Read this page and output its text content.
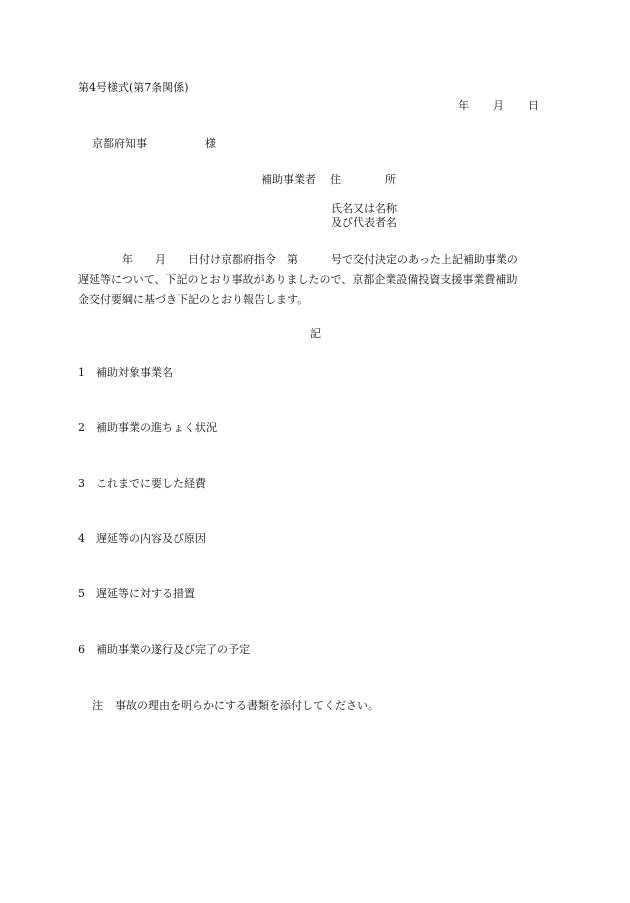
第4号様式(第7条関係)
年 月 日
京都府知事	様
補助事業者 住　　　　所
氏名又は名称
及び代表者名
　　　　年　　月　　日付け京都府指令　第　　　号で交付決定のあった上記補助事業の
遅延等について、下記のとおり事故がありましたので、京都企業設備投資支援事業費補助
金交付要綱に基づき下記のとおり報告します。
記
1 補助対象事業名
2 補助事業の進ちょく状況
3 これまでに要した経費
4 遅延等の内容及び原因
5 遅延等に対する措置
6 補助事業の遂行及び完了の予定
注 事故の理由を明らかにする書類を添付してください。
